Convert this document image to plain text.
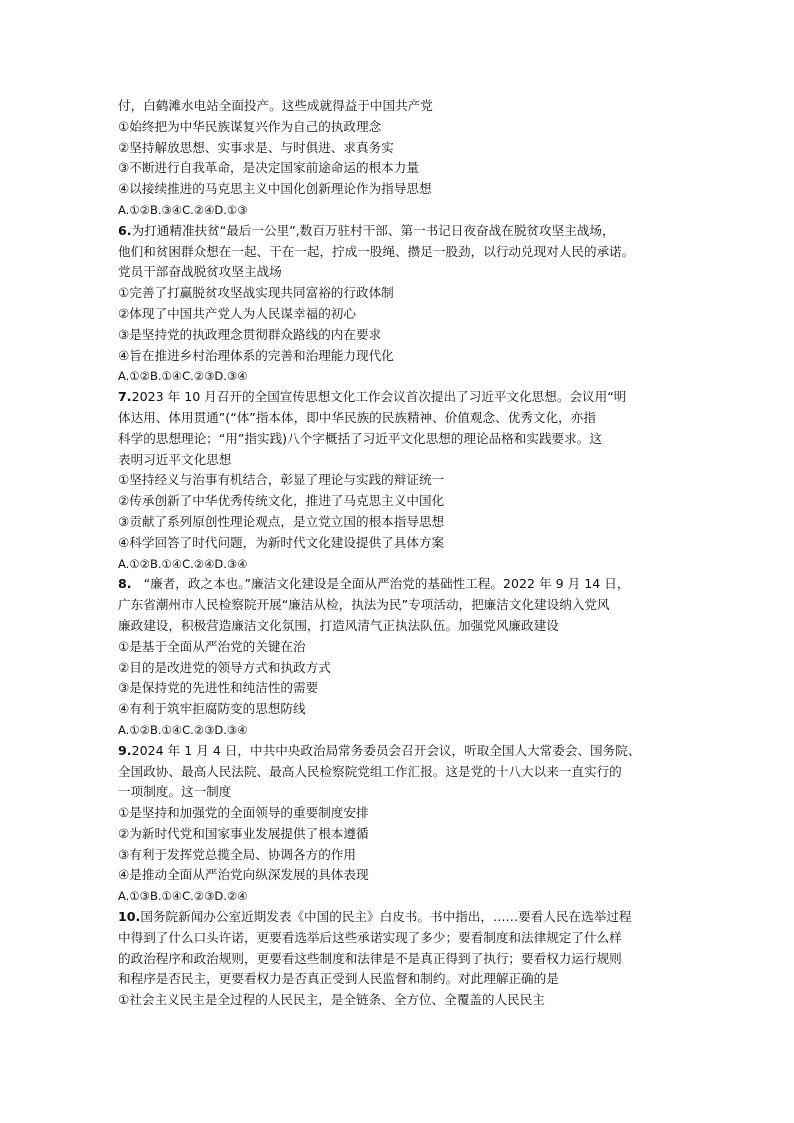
付，白鹤滩水电站全面投产。这些成就得益于中国共产党
①始终把为中华民族谋复兴作为自己的执政理念
②坚持解放思想、实事求是、与时俱进、求真务实
③不断进行自我革命，是决定国家前途命运的根本力量
④以接续推进的马克思主义中国化创新理论作为指导思想
A.①②B.③④C.②④D.①③
6.为打通精准扶贫“最后一公里”,数百万驻村干部、第一书记日夜奋战在脱贫攻坚主战场，
他们和贫困群众想在一起、干在一起，拧成一股绳、攒足一股劲，以行动兑现对人民的承诺。
党员干部奋战脱贫攻坚主战场
①完善了打赢脱贫攻坚战实现共同富裕的行政体制
②体现了中国共产党人为人民谋幸福的初心
③是坚持党的执政理念贯彻群众路线的内在要求
④旨在推进乡村治理体系的完善和治理能力现代化
A.①②B.①④C.②③D.③④
7.2023 年 10 月召开的全国宣传思想文化工作会议首次提出了习近平文化思想。会议用“明
体达用、体用贯通”(“体”指本体，即中华民族的民族精神、价值观念、优秀文化，亦指
科学的思想理论；“用”指实践)八个字概括了习近平文化思想的理论品格和实践要求。这
表明习近平文化思想
①坚持经义与治事有机结合，彰显了理论与实践的辩证统一
②传承创新了中华优秀传统文化，推进了马克思主义中国化
③贡献了系列原创性理论观点，是立党立国的根本指导思想
④科学回答了时代问题，为新时代文化建设提供了具体方案
A.①②B.①④C.②④D.③④
8. “廉者，政之本也。”廉洁文化建设是全面从严治党的基础性工程。2022 年 9 月 14 日，
广东省潮州市人民检察院开展“廉洁从检，执法为民”专项活动，把廉洁文化建设纳入党风
廉政建设，积极营造廉洁文化氛围，打造风清气正执法队伍。加强党风廉政建设
①是基于全面从严治党的关键在治
②目的是改进党的领导方式和执政方式
③是保持党的先进性和纯洁性的需要
④有利于筑牢拒腐防变的思想防线
A.①②B.①④C.②③D.③④
9.2024 年 1 月 4 日，中共中央政治局常务委员会召开会议，听取全国人大常委会、国务院、
全国政协、最高人民法院、最高人民检察院党组工作汇报。这是党的十八大以来一直实行的
一项制度。这一制度
①是坚持和加强党的全面领导的重要制度安排
②为新时代党和国家事业发展提供了根本遵循
③有利于发挥党总揽全局、协调各方的作用
④是推动全面从严治党向纵深发展的具体表现
A.①③B.①④C.②③D.②④
10.国务院新闻办公室近期发表《中国的民主》白皮书。书中指出，……要看人民在选举过程
中得到了什么口头许诺，更要看选举后这些承诺实现了多少；要看制度和法律规定了什么样
的政治程序和政治规则，更要看这些制度和法律是不是真正得到了执行；要看权力运行规则
和程序是否民主，更要看权力是否真正受到人民监督和制约。对此理解正确的是
①社会主义民主是全过程的人民民主，是全链条、全方位、全覆盖的人民民主
